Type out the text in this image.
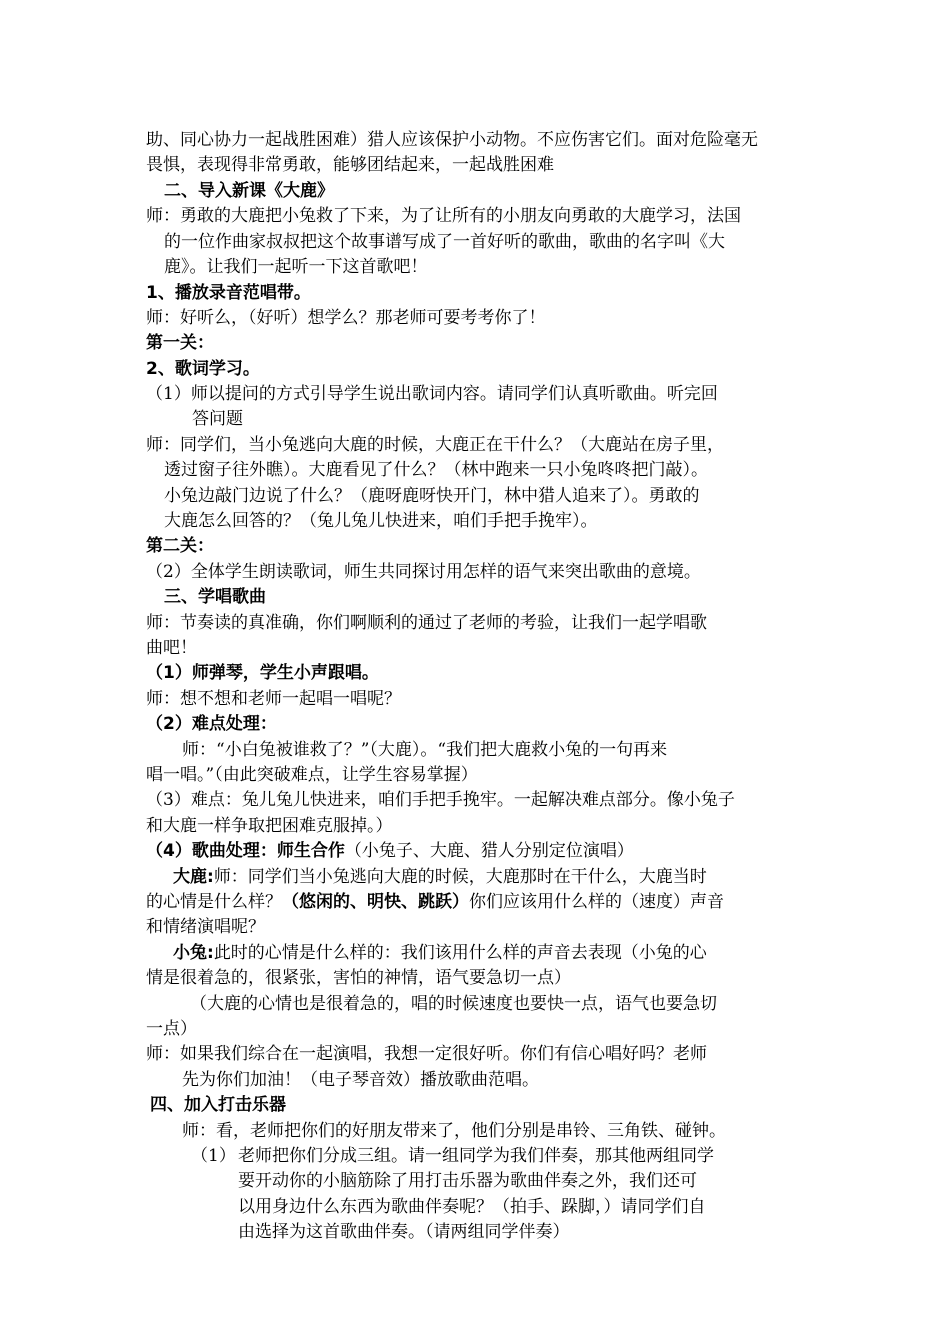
助、同心协力一起战胜困难）猎人应该保护小动物。不应伤害它们。面对危险毫无
畏惧，表现得非常勇敢，能够团结起来，一起战胜困难
二、导入新课《大鹿》
师：勇敢的大鹿把小兔救了下来，为了让所有的小朋友向勇敢的大鹿学习，法国
的一位作曲家叔叔把这个故事谱写成了一首好听的歌曲，歌曲的名字叫《大
鹿》。让我们一起听一下这首歌吧！
1、播放录音范唱带。
师：好听么，（好听）想学么？那老师可要考考你了！
第一关：
2、歌词学习。
（1）师以提问的方式引导学生说出歌词内容。请同学们认真听歌曲。听完回
答问题
师：同学们，当小兔逃向大鹿的时候，大鹿正在干什么？（大鹿站在房子里，
透过窗子往外瞧）。大鹿看见了什么？（林中跑来一只小兔咚咚把门敲）。
小兔边敲门边说了什么？（鹿呀鹿呀快开门，林中猎人追来了）。勇敢的
大鹿怎么回答的？（兔儿兔儿快进来，咱们手把手挽牢）。
第二关：
（2）全体学生朗读歌词，师生共同探讨用怎样的语气来突出歌曲的意境。
三、学唱歌曲
师：节奏读的真准确，你们啊顺利的通过了老师的考验，让我们一起学唱歌
曲吧！
（1）师弹琴，学生小声跟唱。
师：想不想和老师一起唱一唱呢？
（2）难点处理：
师：“小白兔被谁救了？”（大鹿）。“我们把大鹿救小兔的一句再来
唱一唱。”（由此突破难点，让学生容易掌握）
（3）难点：兔儿兔儿快进来，咱们手把手挽牢。一起解决难点部分。像小兔子
和大鹿一样争取把困难克服掉。）
（4）歌曲处理：师生合作（小兔子、大鹿、猎人分别定位演唱）
大鹿:师：同学们当小兔逃向大鹿的时候，大鹿那时在干什么，大鹿当时
的心情是什么样？（悠闲的、明快、跳跃）你们应该用什么样的（速度）声音
和情绪演唱呢？
小兔:此时的心情是什么样的：我们该用什么样的声音去表现（小兔的心
情是很着急的，很紧张，害怕的神情，语气要急切一点）
（大鹿的心情也是很着急的，唱的时候速度也要快一点，语气也要急切
一点）
师：如果我们综合在一起演唱，我想一定很好听。你们有信心唱好吗？老师
先为你们加油！（电子琴音效）播放歌曲范唱。
四、加入打击乐器
师：看，老师把你们的好朋友带来了，他们分别是串铃、三角铁、碰钟。
（1） 老师把你们分成三组。请一组同学为我们伴奏，那其他两组同学
要开动你的小脑筋除了用打击乐器为歌曲伴奏之外，我们还可
以用身边什么东西为歌曲伴奏呢？（拍手、跺脚，）请同学们自
由选择为这首歌曲伴奏。（请两组同学伴奏）
